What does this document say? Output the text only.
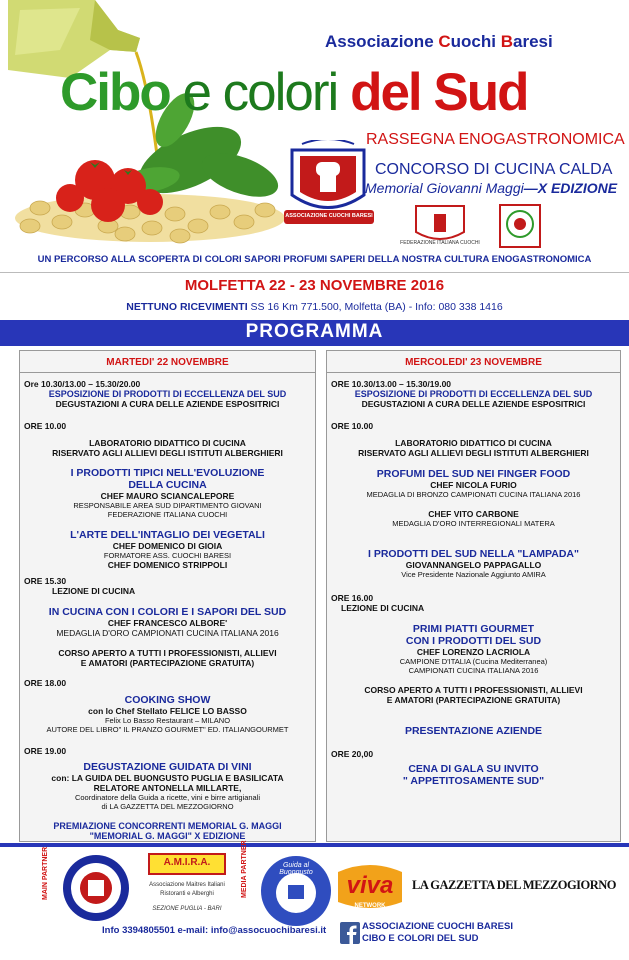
Associazione Cuochi Baresi
Cibo e colori del Sud
RASSEGNA ENOGASTRONOMICA
ASSOCIAZIONE CUOCHI BARESI
CONCORSO DI CUCINA CALDA
Memorial Giovanni Maggi—X EDIZIONE
FEDERAZIONE ITALIANA CUOCHI
UN PERCORSO ALLA SCOPERTA DI COLORI SAPORI PROFUMI SAPERI DELLA NOSTRA CULTURA ENOGASTRONOMICA
MOLFETTA 22 - 23 NOVEMBRE 2016
NETTUNO RICEVIMENTI SS 16 Km 771.500, Molfetta (BA) - Info: 080 338 1416
PROGRAMMA
MARTEDI' 22 NOVEMBRE
Ore 10.30/13.00 – 15.30/20.00
ESPOSIZIONE DI PRODOTTI DI ECCELLENZA DEL SUD
DEGUSTAZIONI A CURA DELLE AZIENDE ESPOSITRICI
ORE 10.00
LABORATORIO DIDATTICO DI CUCINA
RISERVATO AGLI ALLIEVI DEGLI ISTITUTI ALBERGHIERI
I PRODOTTI TIPICI NELL'EVOLUZIONE
DELLA CUCINA
CHEF MAURO SCIANCALEPORE
RESPONSABILE AREA SUD DIPARTIMENTO GIOVANI
FEDERAZIONE ITALIANA CUOCHI
L'ARTE DELL'INTAGLIO DEI VEGETALI
CHEF DOMENICO DI GIOIA
FORMATORE ASS. CUOCHI BARESI
CHEF DOMENICO STRIPPOLI
ORE 15.30
LEZIONE DI CUCINA
IN CUCINA CON I COLORI E I SAPORI DEL SUD
CHEF FRANCESCO ALBORE'
MEDAGLIA D'ORO CAMPIONATI CUCINA ITALIANA 2016
CORSO APERTO A TUTTI I PROFESSIONISTI, ALLIEVI
E AMATORI (PARTECIPAZIONE GRATUITA)
ORE 18.00
COOKING SHOW
con lo Chef Stellato FELICE LO BASSO
Felix Lo Basso Restaurant – MILANO
AUTORE DEL LIBRO" IL PRANZO GOURMET" ED. ITALIANGOURMET
ORE 19.00
DEGUSTAZIONE GUIDATA DI VINI
con: LA GUIDA DEL BUONGUSTO PUGLIA E BASILICATA
RELATORE ANTONELLA MILLARTE,
Coordinatore della Guida a ricette, vini e birre artigianali
di LA GAZZETTA DEL MEZZOGIORNO
PREMIAZIONE CONCORRENTI MEMORIAL G. MAGGI
"MEMORIAL G. MAGGI" X EDIZIONE
MERCOLEDI' 23 NOVEMBRE
ORE 10.30/13.00 – 15.30/19.00
ESPOSIZIONE DI PRODOTTI DI ECCELLENZA DEL SUD
DEGUSTAZIONI A CURA DELLE AZIENDE ESPOSITRICI
ORE 10.00
LABORATORIO DIDATTICO DI CUCINA
RISERVATO AGLI ALLIEVI DEGLI ISTITUTI ALBERGHIERI
PROFUMI DEL SUD NEI FINGER FOOD
CHEF NICOLA FURIO
MEDAGLIA DI BRONZO CAMPIONATI CUCINA ITALIANA 2016
CHEF VITO CARBONE
MEDAGLIA D'ORO INTERREGIONALI MATERA
I PRODOTTI DEL SUD NELLA "LAMPADA"
GIOVANNANGELO PAPPAGALLO
Vice Presidente Nazionale Aggiunto AMIRA
ORE 16.00
LEZIONE DI CUCINA
PRIMI PIATTI GOURMET
CON I PRODOTTI DEL SUD
CHEF LORENZO LACRIOLA
CAMPIONE D'ITALIA (Cucina Mediterranea)
CAMPIONATI CUCINA ITALIANA 2016
CORSO APERTO A TUTTI I PROFESSIONISTI, ALLIEVI
E AMATORI (PARTECIPAZIONE GRATUITA)
PRESENTAZIONE AZIENDE
ORE 20,00
CENA DI GALA SU INVITO
" APPETITOSAMENTE SUD"
MAIN PARTNER	A.M.I.R.A.
Associazione Maitres Italiani
Ristoranti e Alberghi
SEZIONE PUGLIA - BARI
MEDIA PARTNER	Guida al Buongusto	viva
NETWORK
LA GAZZETTA DEL MEZZOGIORNO
Info 3394805501 e-mail: info@assocuochibaresi.it	ASSOCIAZIONE CUOCHI BARESI
CIBO E COLORI DEL SUD
